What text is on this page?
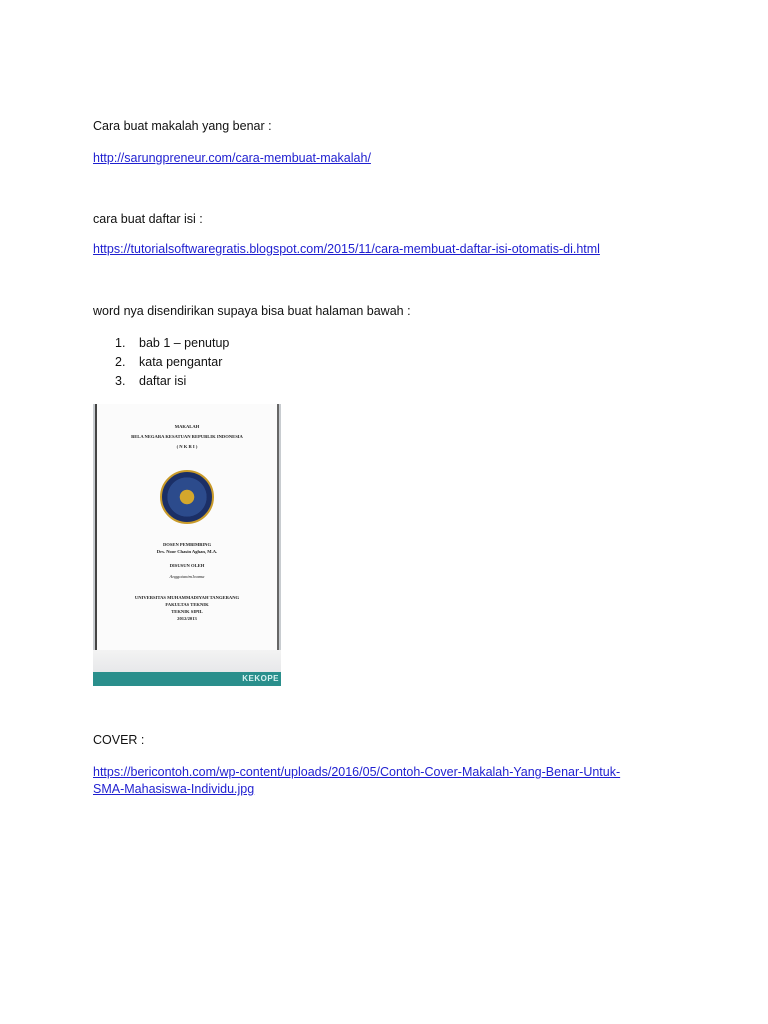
Cara buat makalah yang benar :
http://sarungpreneur.com/cara-membuat-makalah/
cara buat daftar isi :
https://tutorialsoftwaregratis.blogspot.com/2015/11/cara-membuat-daftar-isi-otomatis-di.html
word nya disendirikan supaya bisa buat halaman bawah :
1.	bab 1 – penutup
2.	kata pengantar
3.	daftar isi
MAKALAH
BELA NEGARA KESATUAN REPUBLIK INDONESIA
( N K R I )
DOSEN PEMBIMBING
Drs. Noor Chasin Aghan, M.A.
DISUSUN OLEH
Anggotanim1nama
UNIVERSITAS MUHAMMADIYAH TANGERANG
FAKULTAS TEKNIK
TEKNIK SIPIL
2012/2013
KEKOPE
COVER :
https://bericontoh.com/wp-content/uploads/2016/05/Contoh-Cover-Makalah-Yang-Benar-Untuk-
SMA-Mahasiswa-Individu.jpg
